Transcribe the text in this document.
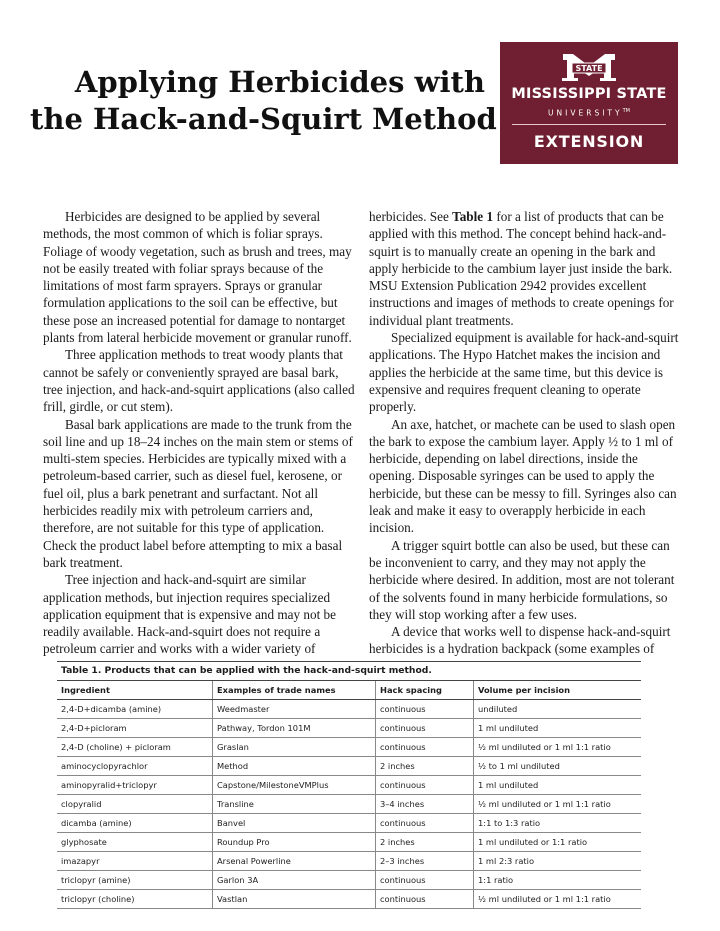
Applying Herbicides with
the Hack-and-Squirt Method
STATE
MISSISSIPPI STATE
UNIVERSITY™
EXTENSION

Herbicides are designed to be applied by several methods, the most common of which is foliar sprays. Foliage of woody vegetation, such as brush and trees, may not be easily treated with foliar sprays because of the limitations of most farm sprayers. Sprays or granular formulation applications to the soil can be effective, but these pose an increased potential for damage to nontarget plants from lateral herbicide movement or granular runoff.

Three application methods to treat woody plants that cannot be safely or conveniently sprayed are basal bark, tree injection, and hack-and-squirt applications (also called frill, girdle, or cut stem).

Basal bark applications are made to the trunk from the soil line and up 18–24 inches on the main stem or stems of multi-stem species. Herbicides are typically mixed with a petroleum-based carrier, such as diesel fuel, kerosene, or fuel oil, plus a bark penetrant and surfactant. Not all herbicides readily mix with petroleum carriers and, therefore, are not suitable for this type of application. Check the product label before attempting to mix a basal bark treatment.

Tree injection and hack-and-squirt are similar application methods, but injection requires specialized application equipment that is expensive and may not be readily available. Hack-and-squirt does not require a petroleum carrier and works with a wider variety of

herbicides. See Table 1 for a list of products that can be applied with this method. The concept behind hack-and-squirt is to manually create an opening in the bark and apply herbicide to the cambium layer just inside the bark. MSU Extension Publication 2942 provides excellent instructions and images of methods to create openings for individual plant treatments.

Specialized equipment is available for hack-and-squirt applications. The Hypo Hatchet makes the incision and applies the herbicide at the same time, but this device is expensive and requires frequent cleaning to operate properly.

An axe, hatchet, or machete can be used to slash open the bark to expose the cambium layer. Apply ½ to 1 ml of herbicide, depending on label directions, inside the opening. Disposable syringes can be used to apply the herbicide, but these can be messy to fill. Syringes also can leak and make it easy to overapply herbicide in each incision.

A trigger squirt bottle can also be used, but these can be inconvenient to carry, and they may not apply the herbicide where desired. In addition, most are not tolerant of the solvents found in many herbicide formulations, so they will stop working after a few uses.

A device that works well to dispense hack-and-squirt herbicides is a hydration backpack (some examples of

Table 1. Products that can be applied with the hack-and-squirt method.
Ingredient	Examples of trade names	Hack spacing	Volume per incision
2,4-D+dicamba (amine)	Weedmaster	continuous	undiluted
2,4-D+picloram	Pathway, Tordon 101M	continuous	1 ml undiluted
2,4-D (choline) + picloram	Graslan	continuous	½ ml undiluted or 1 ml 1:1 ratio
aminocyclopyrachlor	Method	2 inches	½ to 1 ml undiluted
aminopyralid+triclopyr	Capstone/MilestoneVMPlus	continuous	1 ml undiluted
clopyralid	Transline	3–4 inches	½ ml undiluted or 1 ml 1:1 ratio
dicamba (amine)	Banvel	continuous	1:1 to 1:3 ratio
glyphosate	Roundup Pro	2 inches	1 ml undiluted or 1:1 ratio
imazapyr	Arsenal Powerline	2–3 inches	1 ml 2:3 ratio
triclopyr (amine)	Garlon 3A	continuous	1:1 ratio
triclopyr (choline)	Vastlan	continuous	½ ml undiluted or 1 ml 1:1 ratio
